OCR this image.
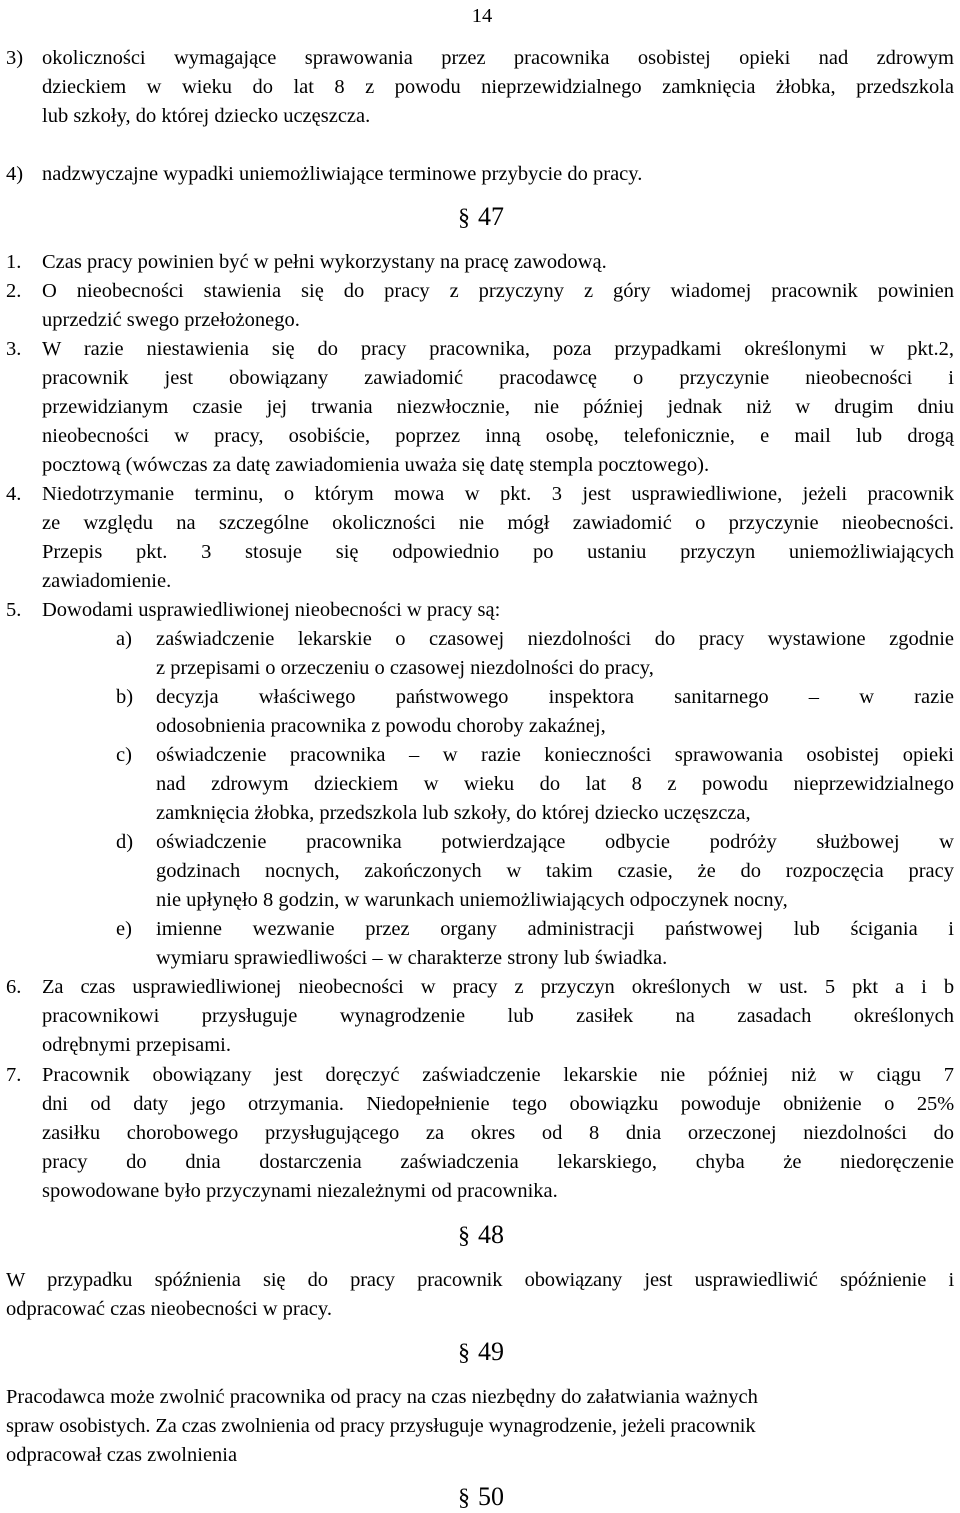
14
3) okoliczności wymagające sprawowania przez pracownika osobistej opieki nad zdrowym
dzieckiem w wieku do lat 8 z powodu nieprzewidzialnego zamknięcia żłobka, przedszkola
lub szkoły, do której dziecko uczęszcza.
4) nadzwyczajne wypadki uniemożliwiające terminowe przybycie do pracy.
§ 47
1.	Czas pracy powinien być w pełni wykorzystany na pracę zawodową.
2.	O nieobecności stawienia się do pracy z przyczyny z góry wiadomej pracownik powinien
uprzedzić swego przełożonego.
3.	W razie niestawienia się do pracy pracownika, poza przypadkami określonymi w pkt.2,
pracownik jest obowiązany zawiadomić pracodawcę o przyczynie nieobecności i
przewidzianym czasie jej trwania niezwłocznie, nie później jednak niż w drugim dniu
nieobecności w pracy, osobiście, poprzez inną osobę, telefonicznie, e mail lub drogą
pocztową (wówczas za datę zawiadomienia uważa się datę stempla pocztowego).
4.	Niedotrzymanie terminu, o którym mowa w pkt. 3 jest usprawiedliwione, jeżeli pracownik
ze względu na szczególne okoliczności nie mógł zawiadomić o przyczynie nieobecności.
Przepis pkt. 3 stosuje się odpowiednio po ustaniu przyczyn uniemożliwiających
zawiadomienie.
5.	Dowodami usprawiedliwionej nieobecności w pracy są:
a)	zaświadczenie lekarskie o czasowej niezdolności do pracy wystawione zgodnie
z przepisami o orzeczeniu o czasowej niezdolności do pracy,
b)	decyzja właściwego państwowego inspektora sanitarnego – w razie
odosobnienia pracownika z powodu choroby zakaźnej,
c)	oświadczenie pracownika – w razie konieczności sprawowania osobistej opieki
nad zdrowym dzieckiem w wieku do lat 8 z powodu nieprzewidzialnego
zamknięcia żłobka, przedszkola lub szkoły, do której dziecko uczęszcza,
d)	oświadczenie pracownika potwierdzające odbycie podróży służbowej w
godzinach nocnych, zakończonych w takim czasie, że do rozpoczęcia pracy
nie upłynęło 8 godzin, w warunkach uniemożliwiających odpoczynek nocny,
e)	imienne wezwanie przez organy administracji państwowej lub ścigania i
wymiaru sprawiedliwości – w charakterze strony lub świadka.
6.	Za czas usprawiedliwionej nieobecności w pracy z przyczyn określonych w ust. 5 pkt a i b
pracownikowi przysługuje wynagrodzenie lub zasiłek na zasadach określonych
odrębnymi przepisami.
7.	Pracownik obowiązany jest doręczyć zaświadczenie lekarskie nie później niż w ciągu 7
dni od daty jego otrzymania. Niedopełnienie tego obowiązku powoduje obniżenie o 25%
zasiłku chorobowego przysługującego za okres od 8 dnia orzeczonej niezdolności do
pracy do dnia dostarczenia zaświadczenia lekarskiego, chyba że niedoręczenie
spowodowane było przyczynami niezależnymi od pracownika.
§ 48
W przypadku spóźnienia się do pracy pracownik obowiązany jest usprawiedliwić spóźnienie i
odpracować czas nieobecności w pracy.
§ 49
Pracodawca może zwolnić pracownika od pracy na czas niezbędny do załatwiania ważnych
spraw osobistych. Za czas zwolnienia od pracy przysługuje wynagrodzenie, jeżeli pracownik
odpracował czas zwolnienia
§ 50
